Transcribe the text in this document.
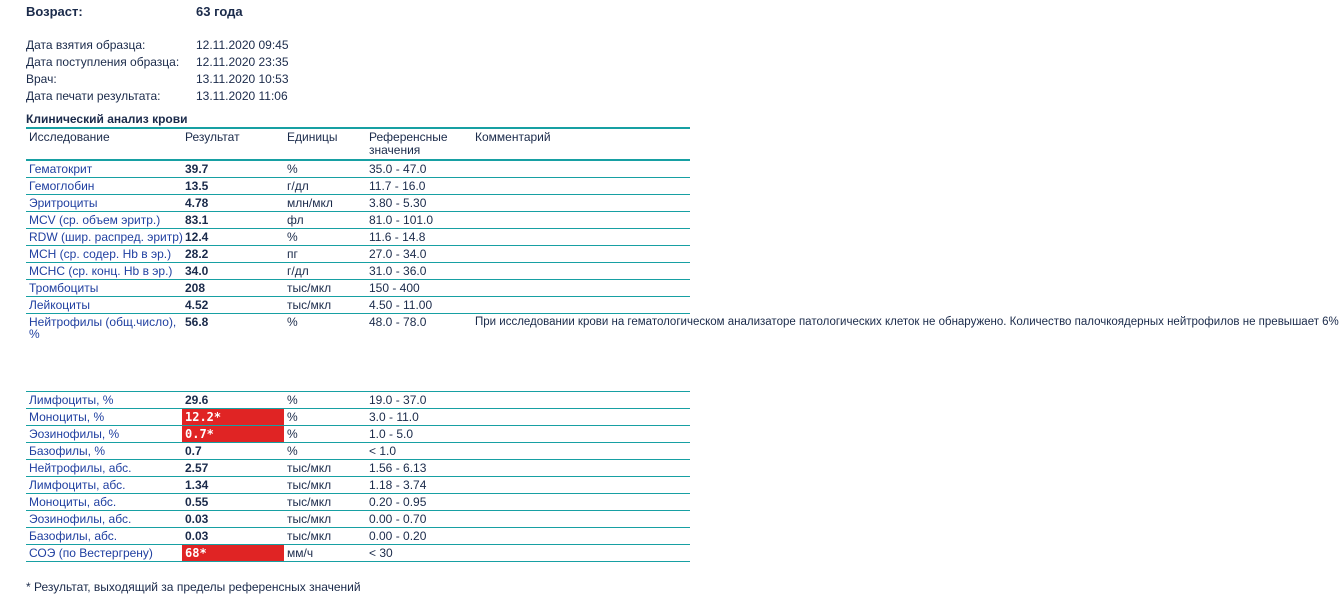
Возраст:	63 года
Дата взятия образца:	12.11.2020 09:45
Дата поступления образца: 12.11.2020 23:35
Врач:	13.11.2020 10:53
Дата печати результата:	13.11.2020 11:06
Клинический анализ крови
Исследование	Результат	Единицы	Референсные значения	Комментарий
Гематокрит	39.7	%	35.0 - 47.0	
Гемоглобин	13.5	г/дл	11.7 - 16.0	
Эритроциты	4.78	млн/мкл	3.80 - 5.30	
MCV (ср. объем эритр.)	83.1	фл	81.0 - 101.0	
RDW (шир. распред. эритр)	12.4	%	11.6 - 14.8	
MCH (ср. содер. Hb в эр.)	28.2	пг	27.0 - 34.0	
MCHC (ср. конц. Hb в эр.)	34.0	г/дл	31.0 - 36.0	
Тромбоциты	208	тыс/мкл	150 - 400	
Лейкоциты	4.52	тыс/мкл	4.50 - 11.00	
Нейтрофилы (общ.число), %	56.8	%	48.0 - 78.0	При исследовании крови на гематологическом анализаторе патологических клеток не обнаружено. Количество палочкоядерных нейтрофилов не превышает 6%
Лимфоциты, %	29.6	%	19.0 - 37.0	
Моноциты, %	12.2*	%	3.0 - 11.0	
Эозинофилы, %	0.7*	%	1.0 - 5.0	
Базофилы, %	0.7	%	< 1.0	
Нейтрофилы, абс.	2.57	тыс/мкл	1.56 - 6.13	
Лимфоциты, абс.	1.34	тыс/мкл	1.18 - 3.74	
Моноциты, абс.	0.55	тыс/мкл	0.20 - 0.95	
Эозинофилы, абс.	0.03	тыс/мкл	0.00 - 0.70	
Базофилы, абс.	0.03	тыс/мкл	0.00 - 0.20	
СОЭ (по Вестергрену)	68*	мм/ч	< 30	
* Результат, выходящий за пределы референсных значений
